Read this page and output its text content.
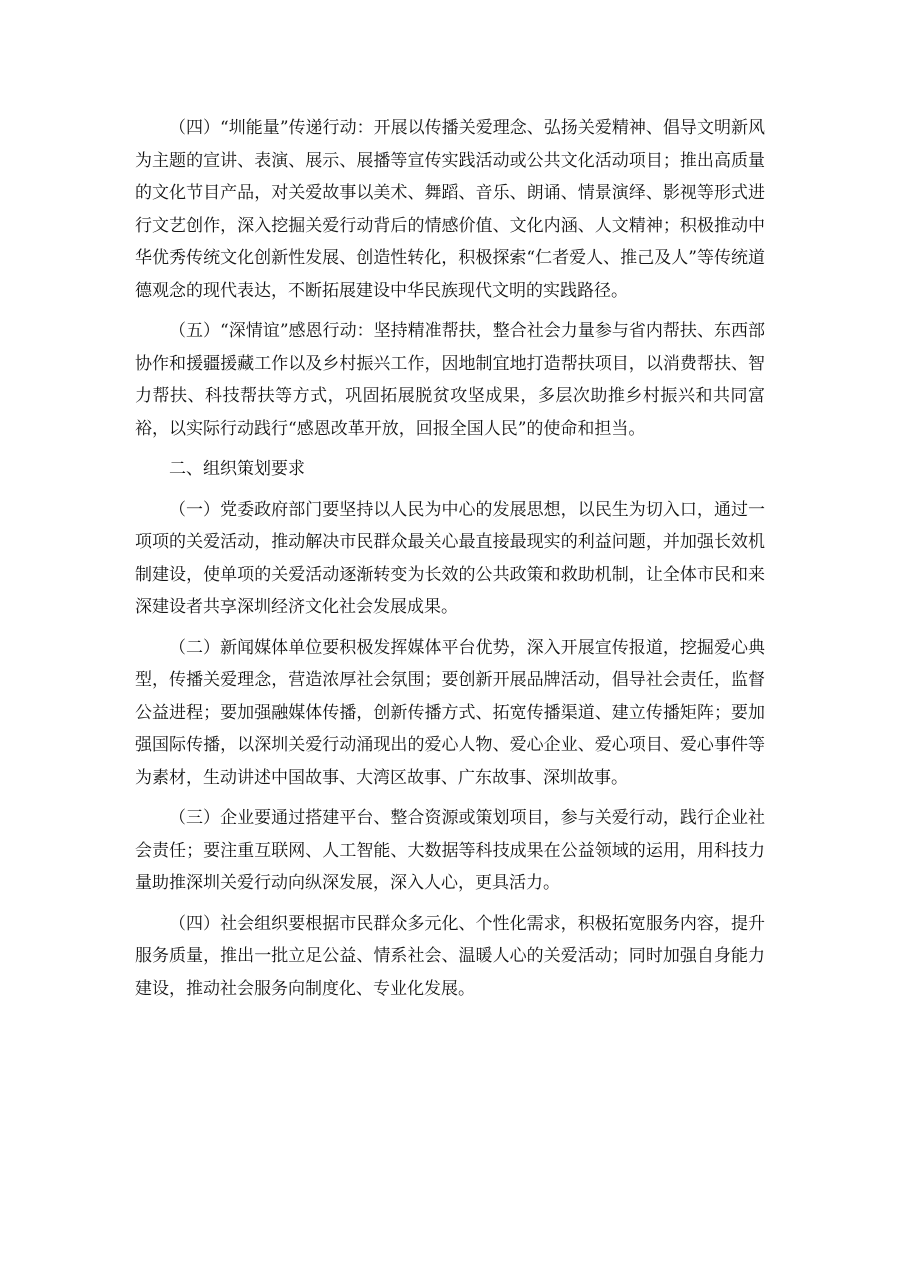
（四）“圳能量”传递行动：开展以传播关爱理念、弘扬关爱精神、倡导文明新风为主题的宣讲、表演、展示、展播等宣传实践活动或公共文化活动项目；推出高质量的文化节目产品，对关爱故事以美术、舞蹈、音乐、朗诵、情景演绎、影视等形式进行文艺创作，深入挖掘关爱行动背后的情感价值、文化内涵、人文精神；积极推动中华优秀传统文化创新性发展、创造性转化，积极探索“仁者爱人、推己及人”等传统道德观念的现代表达，不断拓展建设中华民族现代文明的实践路径。

（五）“深情谊”感恩行动：坚持精准帮扶，整合社会力量参与省内帮扶、东西部协作和援疆援藏工作以及乡村振兴工作，因地制宜地打造帮扶项目，以消费帮扶、智力帮扶、科技帮扶等方式，巩固拓展脱贫攻坚成果，多层次助推乡村振兴和共同富裕，以实际行动践行“感恩改革开放，回报全国人民”的使命和担当。

二、组织策划要求

（一）党委政府部门要坚持以人民为中心的发展思想，以民生为切入口，通过一项项的关爱活动，推动解决市民群众最关心最直接最现实的利益问题，并加强长效机制建设，使单项的关爱活动逐渐转变为长效的公共政策和救助机制，让全体市民和来深建设者共享深圳经济文化社会发展成果。

（二）新闻媒体单位要积极发挥媒体平台优势，深入开展宣传报道，挖掘爱心典型，传播关爱理念，营造浓厚社会氛围；要创新开展品牌活动，倡导社会责任，监督公益进程；要加强融媒体传播，创新传播方式、拓宽传播渠道、建立传播矩阵；要加强国际传播，以深圳关爱行动涌现出的爱心人物、爱心企业、爱心项目、爱心事件等为素材，生动讲述中国故事、大湾区故事、广东故事、深圳故事。

（三）企业要通过搭建平台、整合资源或策划项目，参与关爱行动，践行企业社会责任；要注重互联网、人工智能、大数据等科技成果在公益领域的运用，用科技力量助推深圳关爱行动向纵深发展，深入人心，更具活力。

（四）社会组织要根据市民群众多元化、个性化需求，积极拓宽服务内容，提升服务质量，推出一批立足公益、情系社会、温暖人心的关爱活动；同时加强自身能力建设，推动社会服务向制度化、专业化发展。
